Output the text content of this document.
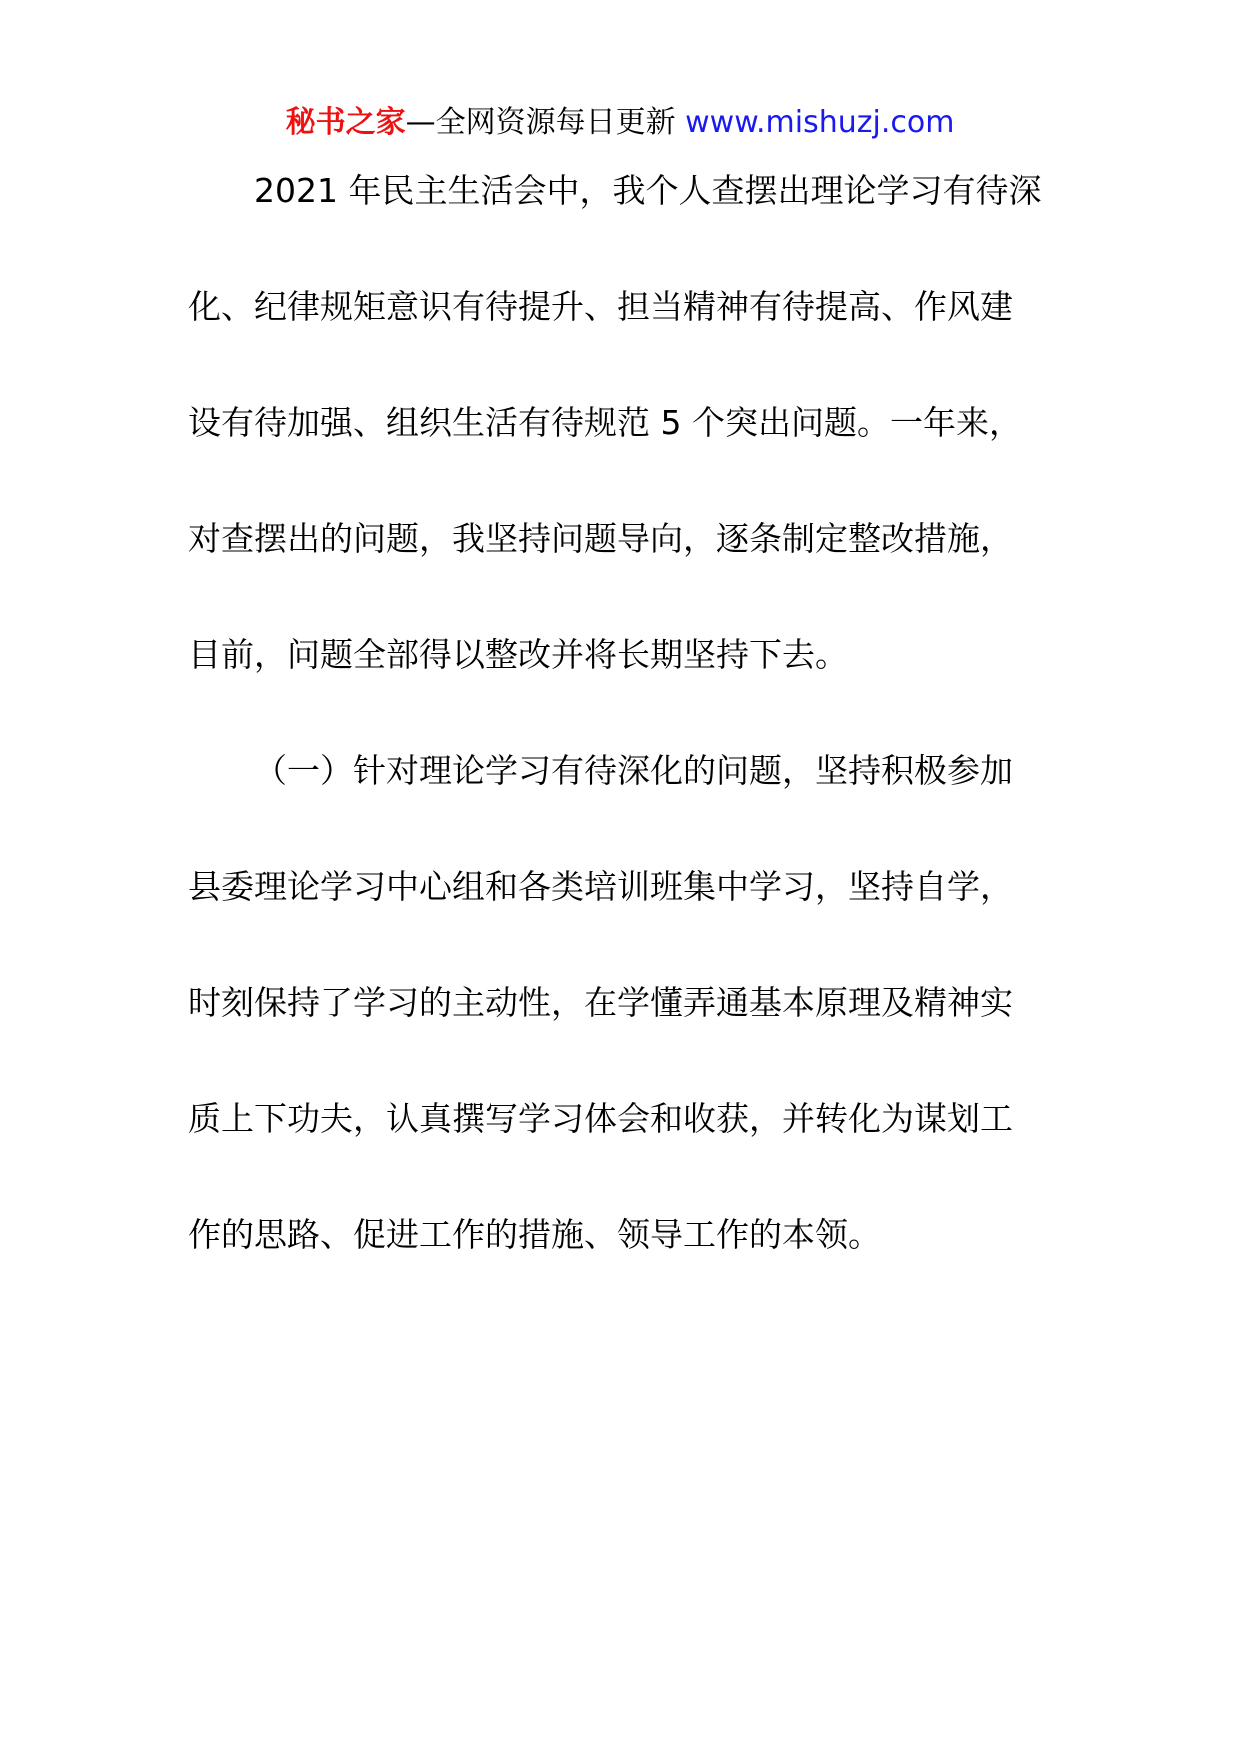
秘书之家—全网资源每日更新 www.mishuzj.com
2021 年民主生活会中，我个人查摆出理论学习有待深
化、纪律规矩意识有待提升、担当精神有待提高、作风建
设有待加强、组织生活有待规范 5 个突出问题。一年来，
对查摆出的问题，我坚持问题导向，逐条制定整改措施，
目前，问题全部得以整改并将长期坚持下去。
（一）针对理论学习有待深化的问题，坚持积极参加
县委理论学习中心组和各类培训班集中学习，坚持自学，
时刻保持了学习的主动性，在学懂弄通基本原理及精神实
质上下功夫，认真撰写学习体会和收获，并转化为谋划工
作的思路、促进工作的措施、领导工作的本领。
